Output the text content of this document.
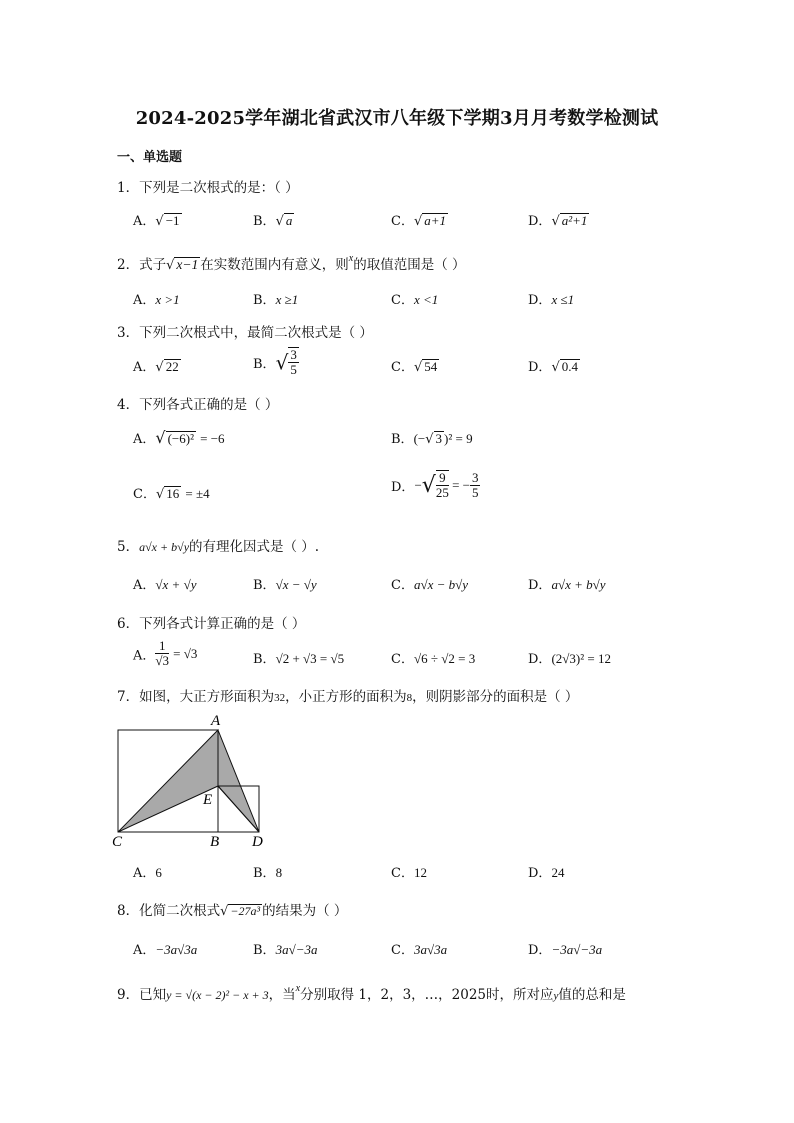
2024-2025学年湖北省武汉市八年级下学期3月月考数学检测试
一、单选题
1．下列是二次根式的是：（ ）
A．√ −1	B．√ a	C．√ a+1	D．√ a²+1
2．式子√ x−1 在实数范围内有意义，则$^x$的取值范围是（ ）
A．x >1	B．x ≥1	C．x <1	D．x ≤1
3．下列二次根式中，最简二次根式是（ ）
A．√ 22	B．√ $\frac{3}{5}$	C．√ 54	D．√ 0.4
4．下列各式正确的是（ ）
A．√ (−6)² = −6	B．(−√ 3 )² = 9
C．√ 16 = ±4	D．−√ $\frac{9}{25}$ = − $\frac{3}{5}$
5．a√x + b√y的有理化因式是（ ）.
A．√x + √y	B．√x − √y	C．a√x − b√y	D．a√x + b√y
6．下列各式计算正确的是（ ）
A． $\frac{1}{√3} = √3$	B．√2 + √3 = √5	C．√6 ÷ √2 = 3	D．(2√3)² = 12
7．如图，大正方形面积为32，小正方形的面积为8，则阴影部分的面积是（ ）
A
E
C	B D
A．6	B．8	C．12	D．24
8．化简二次根式√ −27a³ 的结果为（ ）
A．−3a√3a	B．3a√−3a	C．3a√3a	D．−3a√−3a
9．已知y = √(x − 2)² − x + 3，当$^x$分别取得 1，2，3，…，2025时，所对应y值的总和是
